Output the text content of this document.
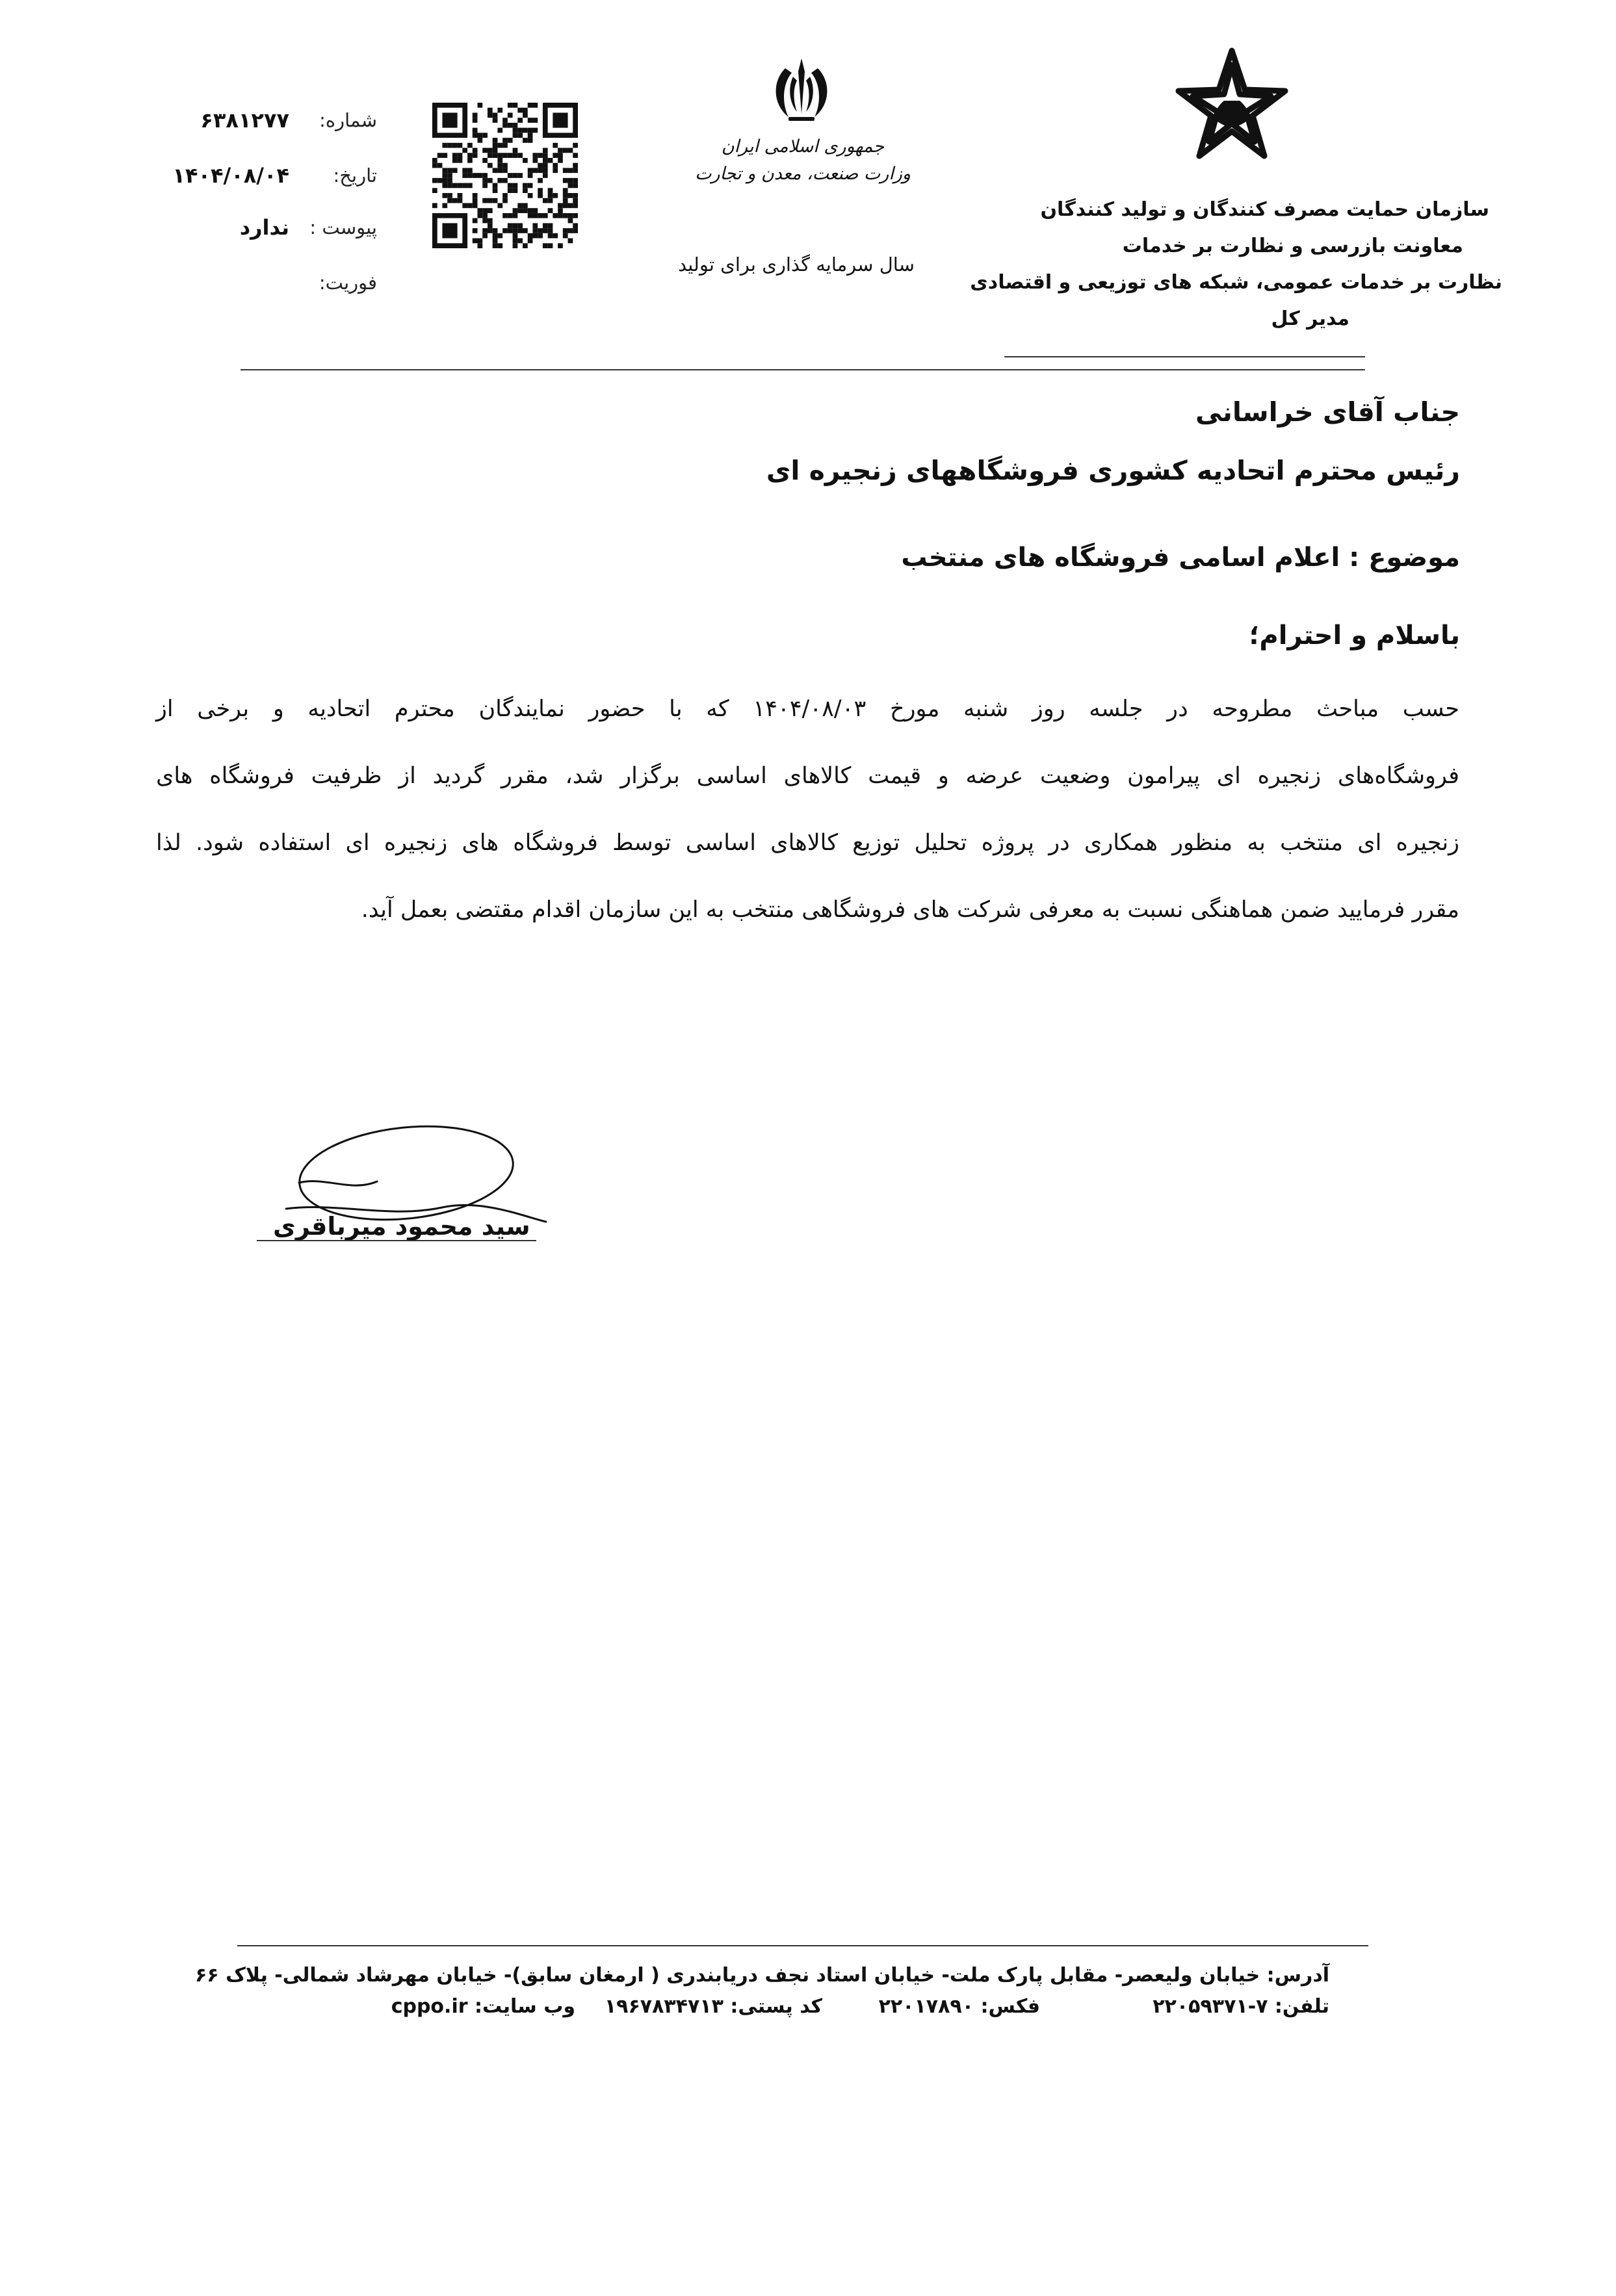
سازمان حمایت مصرف کنندگان و تولید کنندگان
معاونت بازرسی و نظارت بر خدمات
نظارت بر خدمات عمومی، شبکه های توزیعی و اقتصادی
مدیر کل
جمهوری اسلامی ایران
وزارت صنعت، معدن و تجارت
سال سرمایه گذاری برای تولید
شماره:
۶۳۸۱۲۷۷
تاریخ:
۱۴۰۴/۰۸/۰۴
پیوست :
ندارد
فوریت:
جناب آقای خراسانی
رئیس محترم اتحادیه کشوری فروشگاههای زنجیره ای
موضوع : اعلام اسامی فروشگاه های منتخب
باسلام و احترام؛
حسب مباحث مطروحه در جلسه روز شنبه مورخ ۱۴۰۴/۰۸/۰۳ که با حضور نمایندگان محترم اتحادیه و برخی از
فروشگاه‌های زنجیره ای پیرامون وضعیت عرضه و قیمت کالاهای اساسی برگزار شد، مقرر گردید از ظرفیت فروشگاه های
زنجیره ای منتخب به منظور همکاری در پروژه تحلیل توزیع کالاهای اساسی توسط فروشگاه های زنجیره ای استفاده شود. لذا
مقرر فرمایید ضمن هماهنگی نسبت به معرفی شرکت های فروشگاهی منتخب به این سازمان اقدام مقتضی بعمل آید.
سید محمود میرباقری
آدرس: خیابان ولیعصر- مقابل پارک ملت- خیابان استاد نجف دریابندری ( ارمغان سابق)- خیابان مهرشاد شمالی- پلاک ۶۶
تلفن: ۷-۲۲۰۵۹۳۷۱
فکس: ۲۲۰۱۷۸۹۰
کد پستی: ۱۹۶۷۸۳۴۷۱۳
وب سایت: cppo.ir
